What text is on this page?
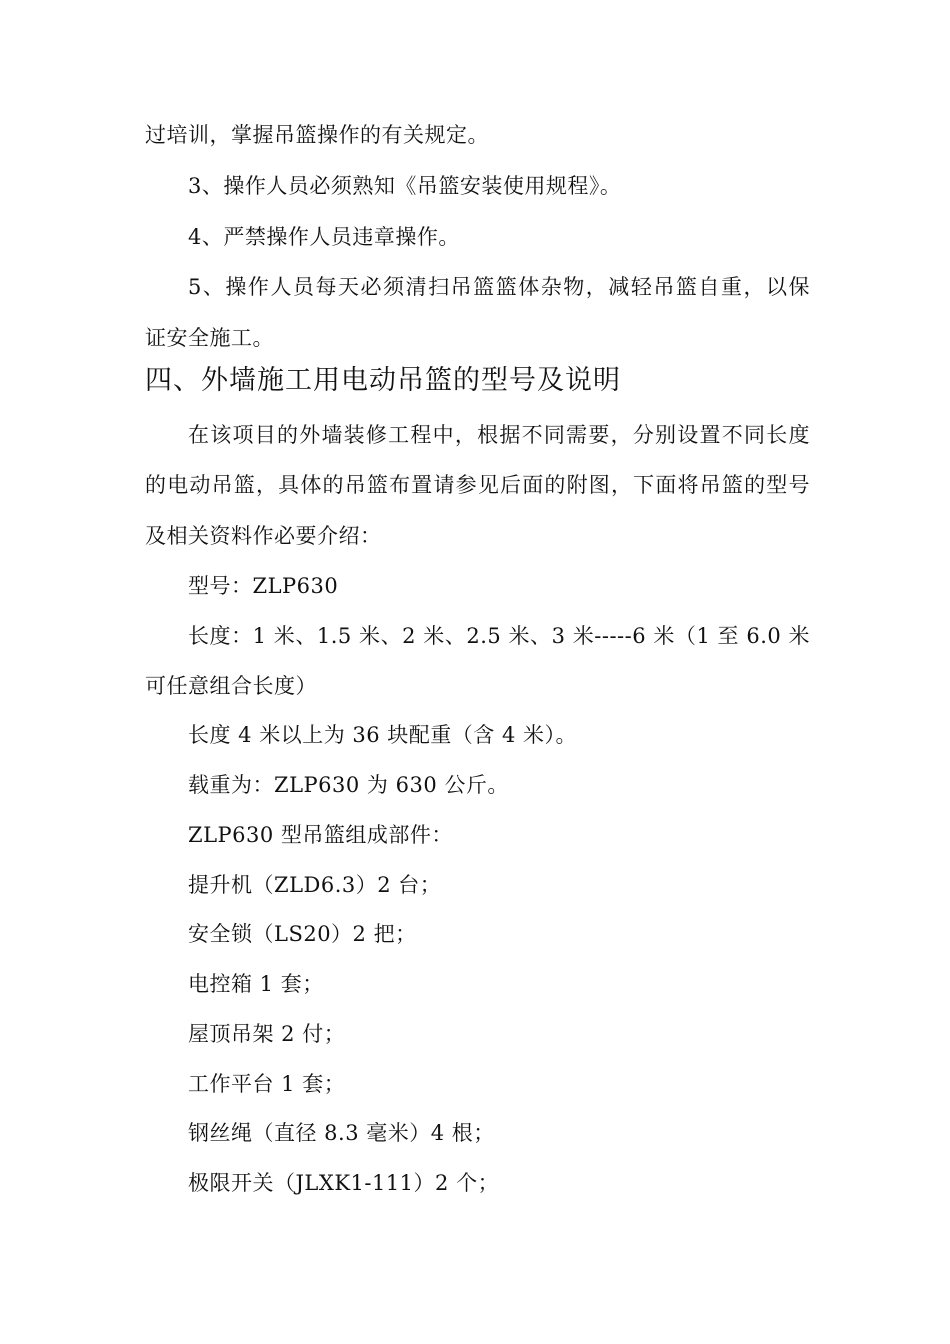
过培训，掌握吊篮操作的有关规定。
3、操作人员必须熟知《吊篮安装使用规程》。
4、严禁操作人员违章操作。
5、操作人员每天必须清扫吊篮篮体杂物，减轻吊篮自重，以保
证安全施工。
四、外墙施工用电动吊篮的型号及说明
在该项目的外墙装修工程中，根据不同需要，分别设置不同长度
的电动吊篮，具体的吊篮布置请参见后面的附图，下面将吊篮的型号
及相关资料作必要介绍：
型号：ZLP630
长度：1 米、1.5 米、2 米、2.5 米、3 米-----6 米（1 至 6.0 米
可任意组合长度）
长度 4 米以上为 36 块配重（含 4 米）。
载重为：ZLP630 为 630 公斤。
ZLP630 型吊篮组成部件：
提升机（ZLD6.3）2 台；
安全锁（LS20）2 把；
电控箱 1 套；
屋顶吊架 2 付；
工作平台 1 套；
钢丝绳（直径 8.3 毫米）4 根；
极限开关（JLXK1-111）2 个；
